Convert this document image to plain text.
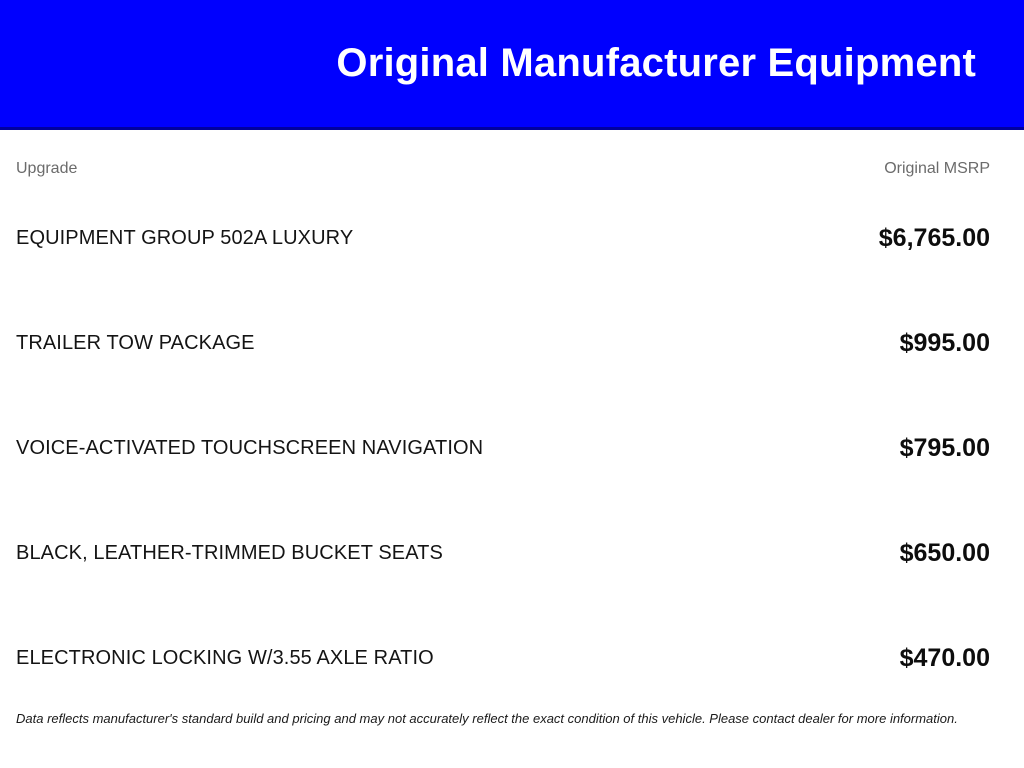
Original Manufacturer Equipment
Upgrade	Original MSRP
EQUIPMENT GROUP 502A LUXURY	$6,765.00
TRAILER TOW PACKAGE	$995.00
VOICE-ACTIVATED TOUCHSCREEN NAVIGATION	$795.00
BLACK, LEATHER-TRIMMED BUCKET SEATS	$650.00
ELECTRONIC LOCKING W/3.55 AXLE RATIO	$470.00
Data reflects manufacturer's standard build and pricing and may not accurately reflect the exact condition of this vehicle. Please contact dealer for more information.
